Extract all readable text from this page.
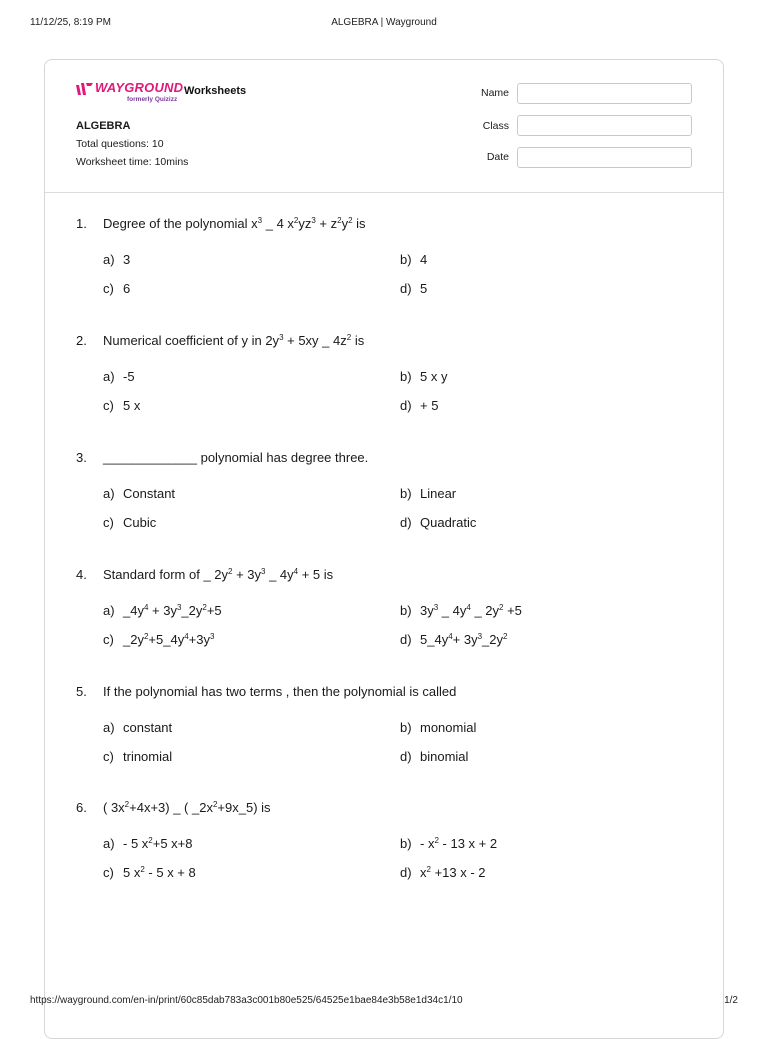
11/12/25, 8:19 PM	ALGEBRA | Wayground
WAYGROUND
formerly Quizizz
Worksheets
ALGEBRA
Total questions: 10
Worksheet time: 10mins
Name
Class
Date
1. Degree of the polynomial $x^3$ _ 4 $x^2yz^3 + z^2y^2$ is
a) 3	b) 4
c) 6	d) 5
2. Numerical coefficient of y in $2y^3 + 5xy$ _ $4z^2$ is
a) -5	b) 5 x y
c) 5 x	d) + 5
3. _____________ polynomial has degree three.
a) Constant	b) Linear
c) Cubic	d) Quadratic
4. Standard form of _ $2y^2 + 3y^3$ _ $4y^4 + 5$ is
a) $\_4y^4$ + $3y^3\_2y^2+5$	b) $3y^3$ _ $4y^4$ _ $2y^2 +5$
c) $\_2y^2+5\_4y^4+3y^3$	d) $5\_4y^4+$ $3y^3\_2y^2$
5. If the polynomial has two terms , then the polynomial is called
a) constant	b) monomial
c) trinomial	d) binomial
6. ( $3x^2+4x+3$) _ ( $\_2x^2+9x\_5$) is
a) - 5 $x^2+5$ x+8	$b) - x^2 - 13$ x + 2
c) 5 $x^2 - 5$ x + 8	d) $x^2 +13$ x - 2
https://wayground.com/en-in/print/60c85dab783a3c001b80e525/64525e1bae84e3b58e1d34c1/10	1/2
